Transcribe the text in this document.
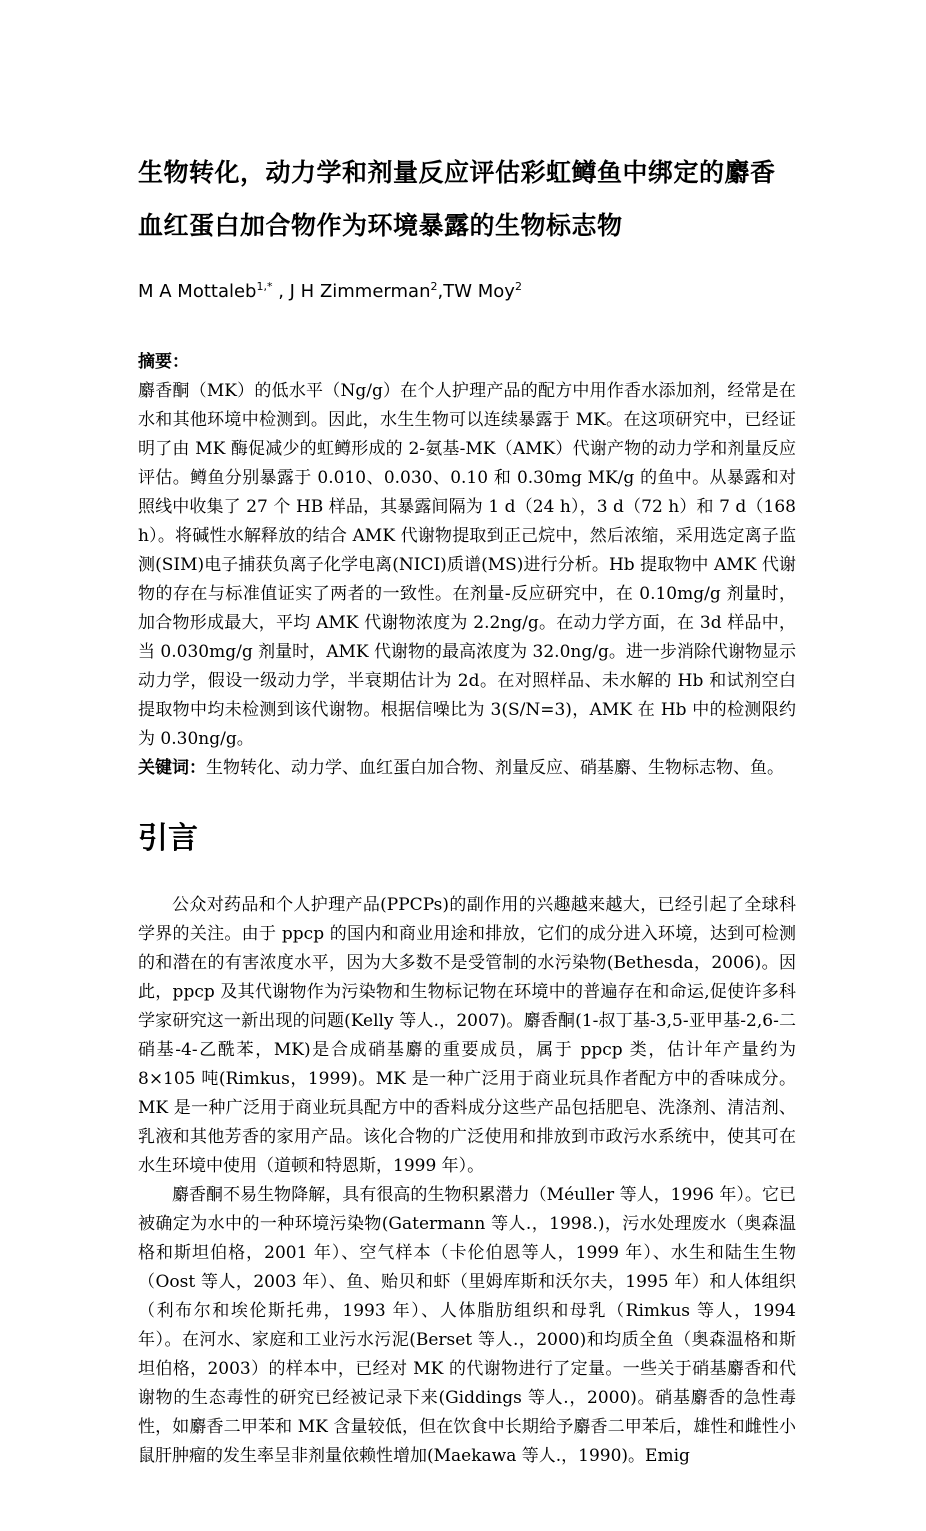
生物转化，动力学和剂量反应评估彩虹鳟鱼中绑定的麝香血红蛋白加合物作为环境暴露的生物标志物
M A Mottaleb$^{1,*}$ , J H Zimmerman$^2$,TW Moy$^2$

摘要：

麝香酮（MK）的低水平（Ng/g）在个人护理产品的配方中用作香水添加剂，经常是在水和其他环境中检测到。因此，水生生物可以连续暴露于 MK。在这项研究中，已经证明了由 MK 酶促减少的虹鳟形成的 2-氨基-MK（AMK）代谢产物的动力学和剂量反应评估。鳟鱼分别暴露于 0.010、0.030、0.10 和 0.30mg MK/g 的鱼中。从暴露和对照线中收集了 27 个 HB 样品，其暴露间隔为 1 d（24 h），3 d（72 h）和 7 d（168 h）。将碱性水解释放的结合 AMK 代谢物提取到正己烷中，然后浓缩，采用选定离子监测(SIM)电子捕获负离子化学电离(NICI)质谱(MS)进行分析。Hb 提取物中 AMK 代谢物的存在与标准值证实了两者的一致性。在剂量-反应研究中，在 0.10mg/g 剂量时，加合物形成最大，平均 AMK 代谢物浓度为 2.2ng/g。在动力学方面，在 3d 样品中，当 0.030mg/g 剂量时，AMK 代谢物的最高浓度为 32.0ng/g。进一步消除代谢物显示动力学，假设一级动力学，半衰期估计为 2d。在对照样品、未水解的 Hb 和试剂空白提取物中均未检测到该代谢物。根据信噪比为 3(S/N=3)，AMK 在 Hb 中的检测限约为 0.30ng/g。

关键词：生物转化、动力学、血红蛋白加合物、剂量反应、硝基麝、生物标志物、鱼。

引言

公众对药品和个人护理产品(PPCPs)的副作用的兴趣越来越大，已经引起了全球科学界的关注。由于 ppcp 的国内和商业用途和排放，它们的成分进入环境，达到可检测的和潜在的有害浓度水平，因为大多数不是受管制的水污染物(Bethesda，2006)。因此，ppcp 及其代谢物作为污染物和生物标记物在环境中的普遍存在和命运,促使许多科学家研究这一新出现的问题(Kelly 等人.，2007)。麝香酮(1-叔丁基-3,5-亚甲基-2,6-二硝基-4-乙酰苯，MK)是合成硝基麝的重要成员，属于 ppcp 类，估计年产量约为 8×105 吨(Rimkus，1999)。MK 是一种广泛用于商业玩具作者配方中的香味成分。MK 是一种广泛用于商业玩具配方中的香料成分这些产品包括肥皂、洗涤剂、清洁剂、乳液和其他芳香的家用产品。该化合物的广泛使用和排放到市政污水系统中，使其可在水生环境中使用（道顿和特恩斯，1999 年）。

麝香酮不易生物降解，具有很高的生物积累潜力（Méuller 等人，1996 年）。它已被确定为水中的一种环境污染物(Gatermann 等人.，1998.)，污水处理废水（奥森温格和斯坦伯格，2001 年）、空气样本（卡伦伯恩等人，1999 年）、水生和陆生生物（Oost 等人，2003 年）、鱼、贻贝和虾（里姆库斯和沃尔夫，1995 年）和人体组织（利布尔和埃伦斯托弗，1993 年）、人体脂肪组织和母乳（Rimkus 等人，1994 年）。在河水、家庭和工业污水污泥(Berset 等人.，2000)和均质全鱼（奥森温格和斯坦伯格，2003）的样本中，已经对 MK 的代谢物进行了定量。一些关于硝基麝香和代谢物的生态毒性的研究已经被记录下来(Giddings 等人.，2000)。硝基麝香的急性毒性，如麝香二甲苯和 MK 含量较低，但在饮食中长期给予麝香二甲苯后，雄性和雌性小鼠肝肿瘤的发生率呈非剂量依赖性增加(Maekawa 等人.，1990)。Emig
